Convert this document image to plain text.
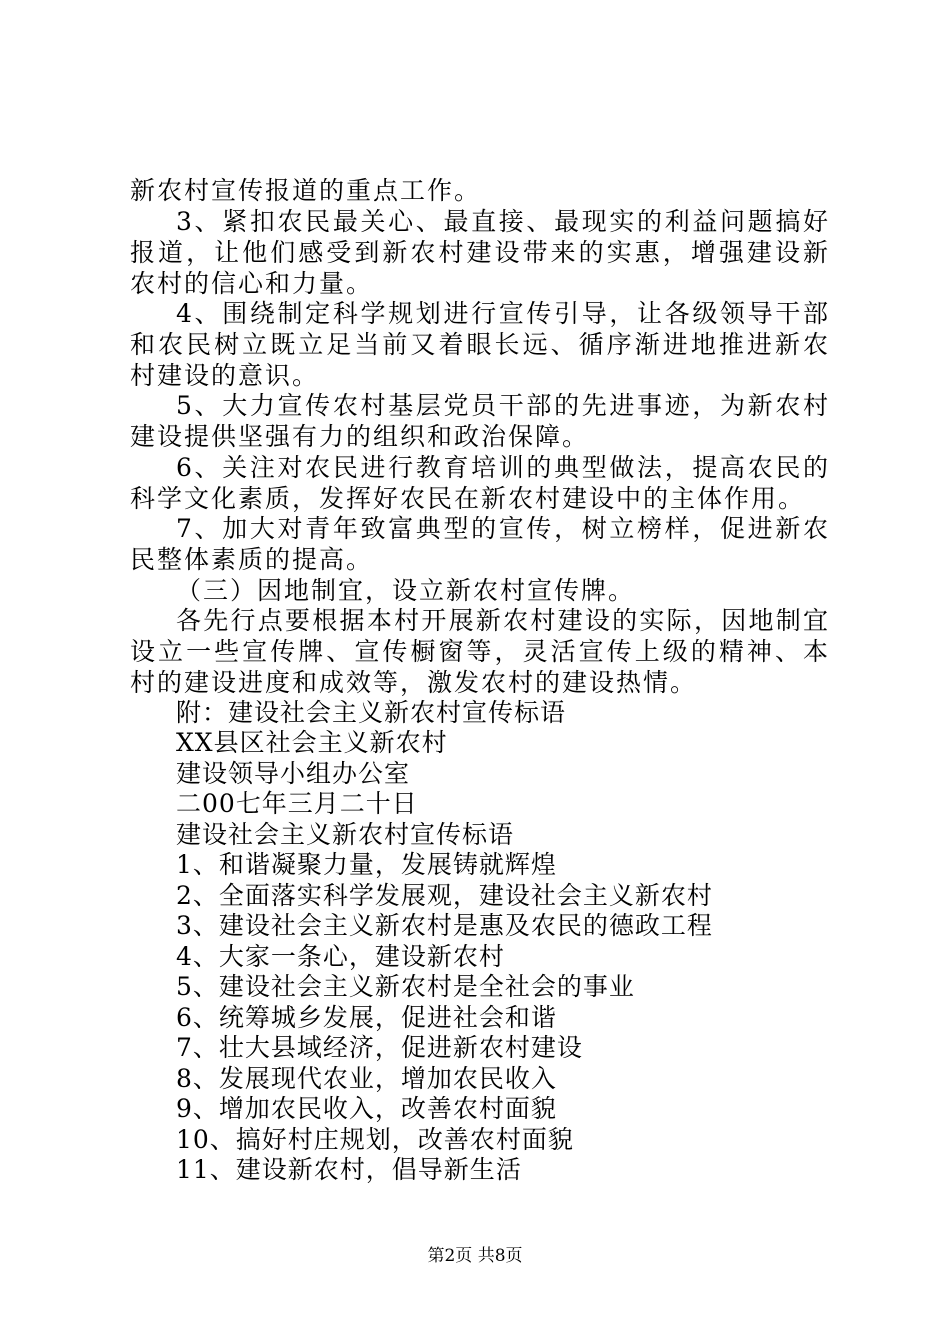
新农村宣传报道的重点工作。

3、紧扣农民最关心、最直接、最现实的利益问题搞好报道，让他们感受到新农村建设带来的实惠，增强建设新农村的信心和力量。

4、围绕制定科学规划进行宣传引导，让各级领导干部和农民树立既立足当前又着眼长远、循序渐进地推进新农村建设的意识。

5、大力宣传农村基层党员干部的先进事迹，为新农村建设提供坚强有力的组织和政治保障。

6、关注对农民进行教育培训的典型做法，提高农民的科学文化素质，发挥好农民在新农村建设中的主体作用。

7、加大对青年致富典型的宣传，树立榜样，促进新农民整体素质的提高。

（三）因地制宜，设立新农村宣传牌。

各先行点要根据本村开展新农村建设的实际，因地制宜设立一些宣传牌、宣传橱窗等，灵活宣传上级的精神、本村的建设进度和成效等，激发农村的建设热情。

附：建设社会主义新农村宣传标语

XX县区社会主义新农村

建设领导小组办公室

二00七年三月二十日

建设社会主义新农村宣传标语

1、和谐凝聚力量，发展铸就辉煌

2、全面落实科学发展观，建设社会主义新农村

3、建设社会主义新农村是惠及农民的德政工程

4、大家一条心，建设新农村

5、建设社会主义新农村是全社会的事业

6、统筹城乡发展，促进社会和谐

7、壮大县域经济，促进新农村建设

8、发展现代农业，增加农民收入

9、增加农民收入，改善农村面貌

10、搞好村庄规划，改善农村面貌

11、建设新农村，倡导新生活

第2页 共8页
